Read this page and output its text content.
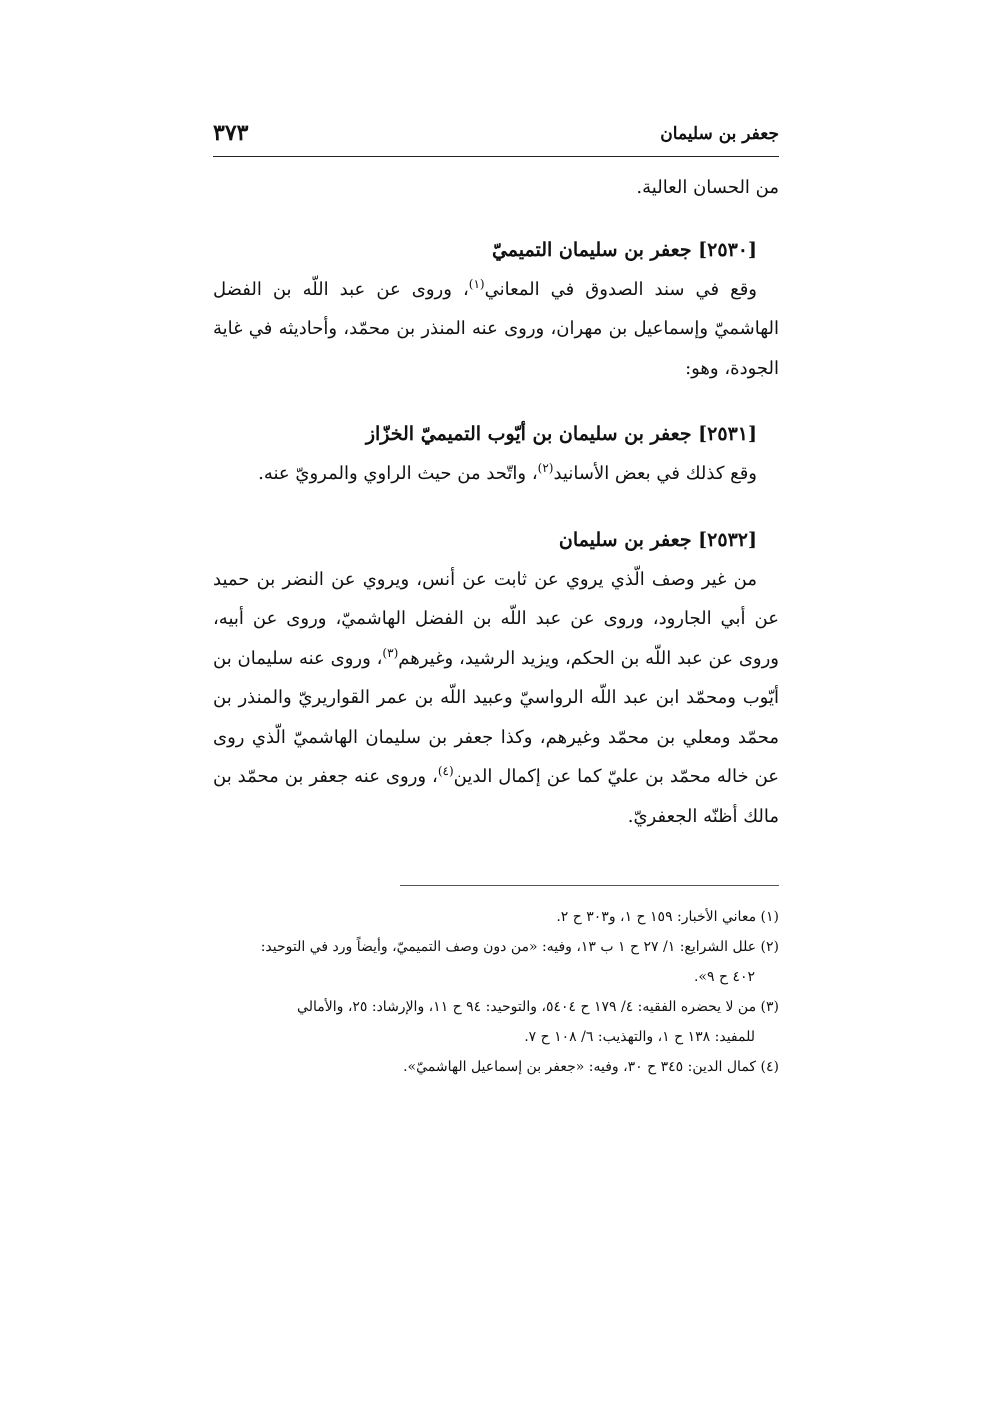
جعفر بن سليمان
٣٧٣

من الحسان العالية.

[٢٥٣٠] جعفر بن سليمان التميميّ

وقع في سند الصدوق في المعاني$^{(١)}$، وروى عن عبد اللّه بن الفضل الهاشميّ وإسماعيل بن مهران، وروى عنه المنذر بن محمّد، وأحاديثه في غاية الجودة، وهو:

[٢٥٣١] جعفر بن سليمان بن أيّوب التميميّ الخزّاز

وقع كذلك في بعض الأسانيد$^{(٢)}$، واتّحد من حيث الراوي والمرويّ عنه.

[٢٥٣٢] جعفر بن سليمان

من غير وصف الّذي يروي عن ثابت عن أنس، ويروي عن النضر بن حميد عن أبي الجارود، وروى عن عبد اللّه بن الفضل الهاشميّ، وروى عن أبيه، وروى عن عبد اللّه بن الحكم، ويزيد الرشيد، وغيرهم$^{(٣)}$، وروى عنه سليمان بن أيّوب ومحمّد ابن عبد اللّه الرواسيّ وعبيد اللّه بن عمر القواريريّ والمنذر بن محمّد ومعلي بن محمّد وغيرهم، وكذا جعفر بن سليمان الهاشميّ الّذي روى عن خاله محمّد بن عليّ كما عن إكمال الدين$^{(٤)}$، وروى عنه جعفر بن محمّد بن مالك أظنّه الجعفريّ.

(١) معاني الأخبار: ١٥٩ ح ١، و٣٠٣ ح ٢.

(٢) علل الشرايع: ١/ ٢٧ ح ١ ب ١٣، وفيه: «من دون وصف التميميّ، وأيضاً ورد في التوحيد:

٤٠٢ ح ٩».

(٣) من لا يحضره الفقيه: ٤/ ١٧٩ ح ٥٤٠٤، والتوحيد: ٩٤ ح ١١، والإرشاد: ٢٥، والأمالي

للمفيد: ١٣٨ ح ١، والتهذيب: ٦/ ١٠٨ ح ٧.

(٤) كمال الدين: ٣٤٥ ح ٣٠، وفيه: «جعفر بن إسماعيل الهاشميّ».
